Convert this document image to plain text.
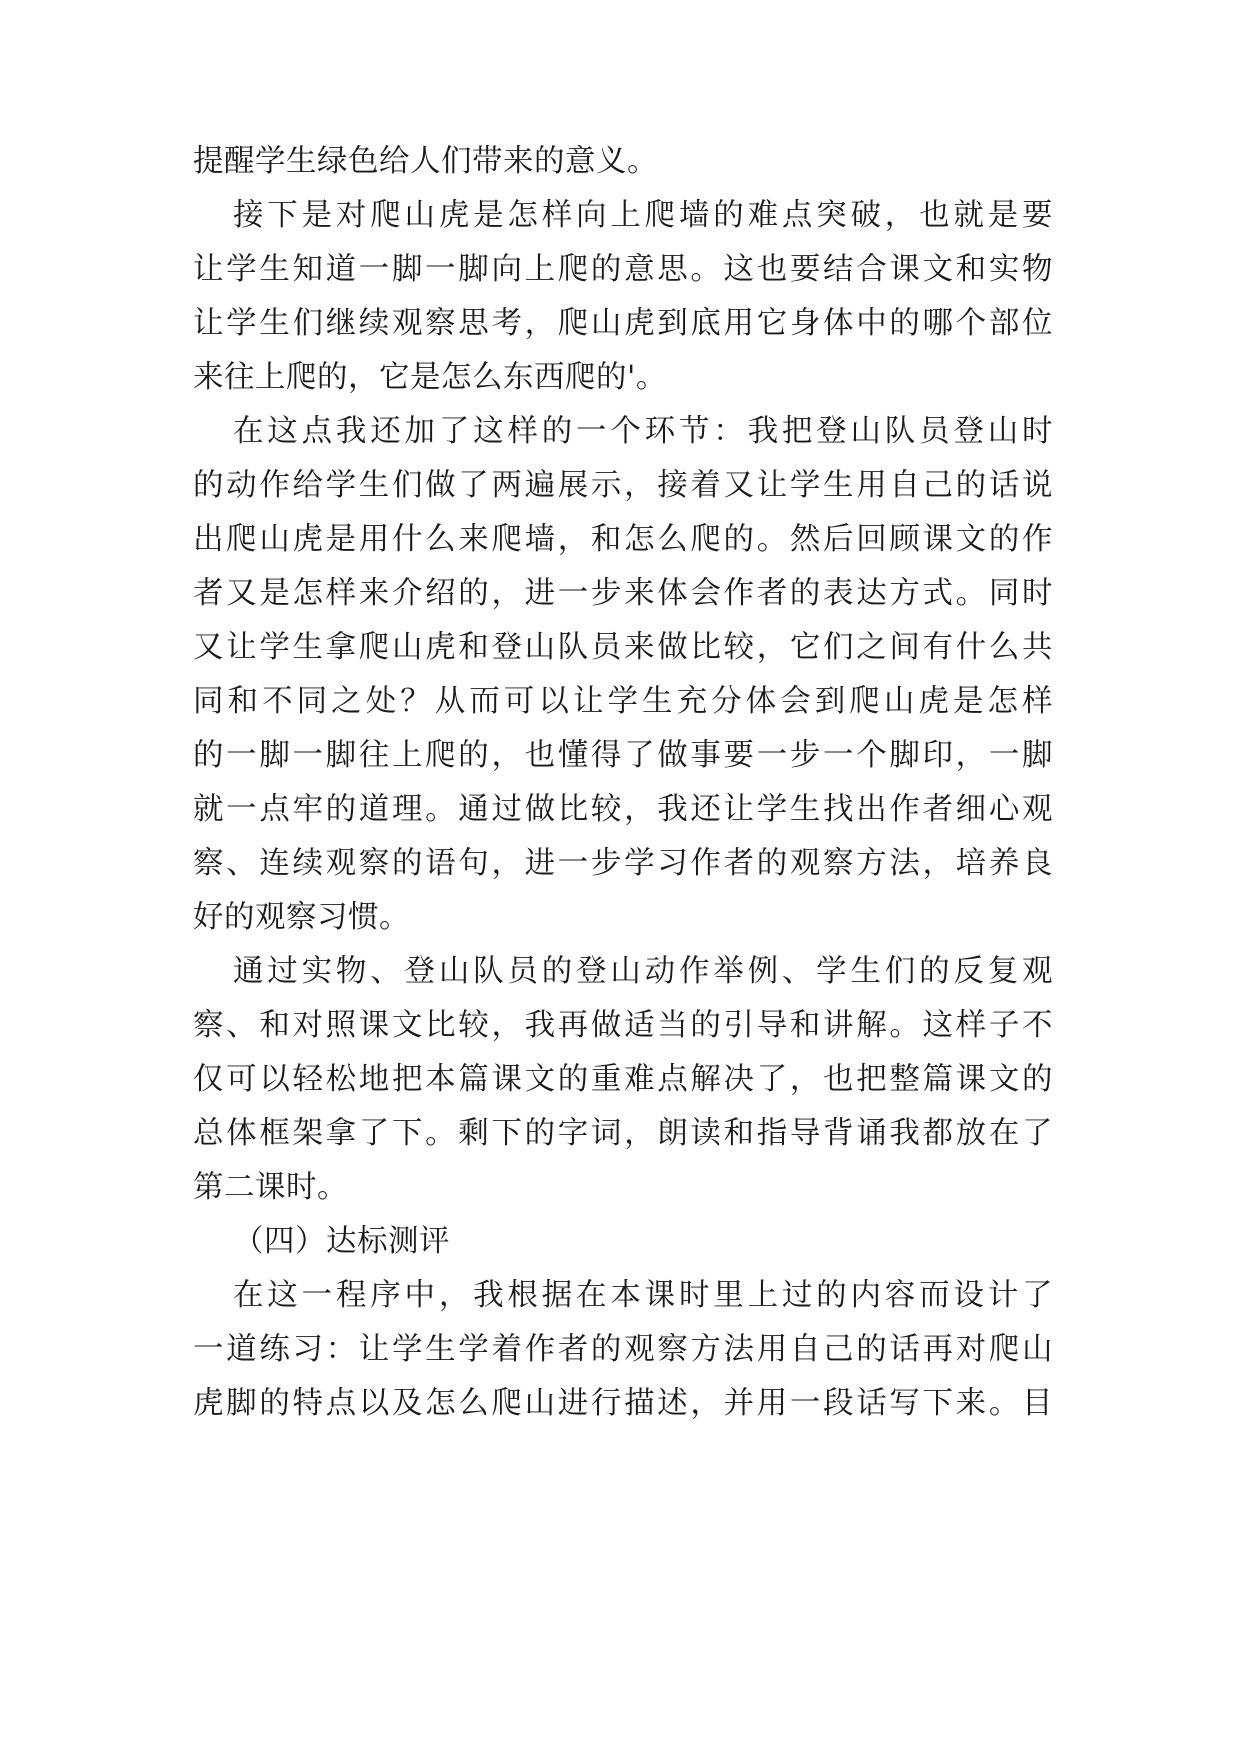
提醒学生绿色给人们带来的意义。
接下是对爬山虎是怎样向上爬墙的难点突破，也就是要
让学生知道一脚一脚向上爬的意思。这也要结合课文和实物
让学生们继续观察思考，爬山虎到底用它身体中的哪个部位
来往上爬的，它是怎么东西爬的'。
在这点我还加了这样的一个环节：我把登山队员登山时
的动作给学生们做了两遍展示，接着又让学生用自己的话说
出爬山虎是用什么来爬墙，和怎么爬的。然后回顾课文的作
者又是怎样来介绍的，进一步来体会作者的表达方式。同时
又让学生拿爬山虎和登山队员来做比较，它们之间有什么共
同和不同之处？从而可以让学生充分体会到爬山虎是怎样
的一脚一脚往上爬的，也懂得了做事要一步一个脚印，一脚
就一点牢的道理。通过做比较，我还让学生找出作者细心观
察、连续观察的语句，进一步学习作者的观察方法，培养良
好的观察习惯。
通过实物、登山队员的登山动作举例、学生们的反复观
察、和对照课文比较，我再做适当的引导和讲解。这样子不
仅可以轻松地把本篇课文的重难点解决了，也把整篇课文的
总体框架拿了下。剩下的字词，朗读和指导背诵我都放在了
第二课时。
（四）达标测评
在这一程序中，我根据在本课时里上过的内容而设计了
一道练习：让学生学着作者的观察方法用自己的话再对爬山
虎脚的特点以及怎么爬山进行描述，并用一段话写下来。目
